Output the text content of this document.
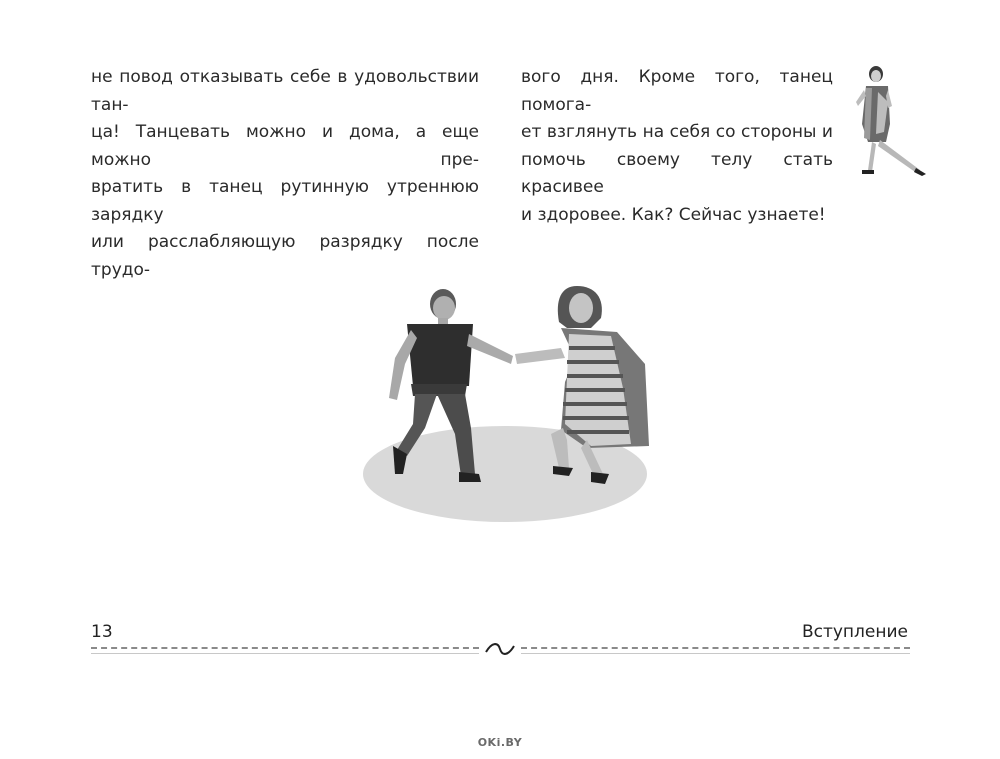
не повод отказывать себе в удовольствии тан-

ца! Танцевать можно и дома, а еще можно пре-

вратить в танец рутинную утреннюю зарядку

или расслабляющую разрядку после трудо-

вого дня. Кроме того, танец помога-

ет взглянуть на себя со стороны и

помочь своему телу стать красивее

и здоровее. Как? Сейчас узнаете!

13	Вступление
OKi.BY
